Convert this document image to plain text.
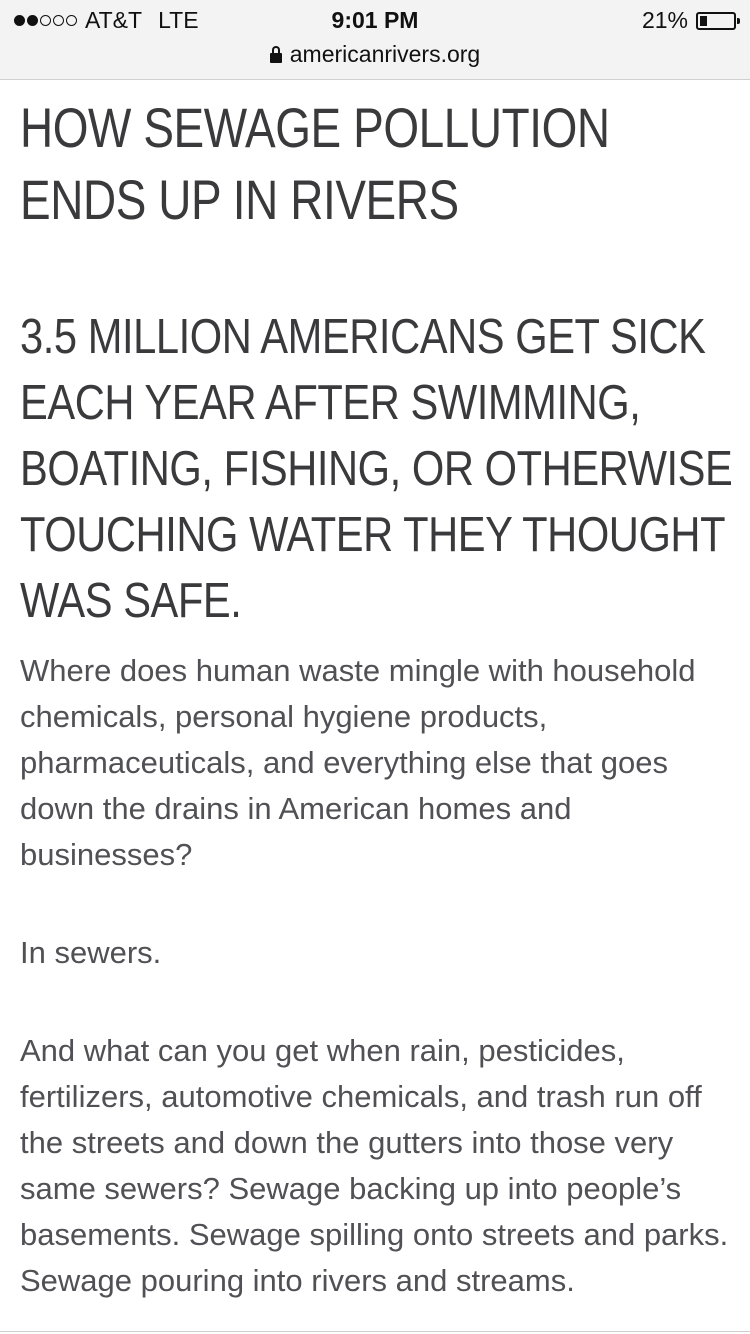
AT&T LTE	9:01 PM	21%
americanrivers.org
HOW SEWAGE POLLUTION ENDS UP IN RIVERS
3.5 MILLION AMERICANS GET SICK EACH YEAR AFTER SWIMMING, BOATING, FISHING, OR OTHERWISE TOUCHING WATER THEY THOUGHT WAS SAFE.

Where does human waste mingle with household chemicals, personal hygiene products, pharmaceuticals, and everything else that goes down the drains in American homes and businesses?

In sewers.

And what can you get when rain, pesticides, fertilizers, automotive chemicals, and trash run off the streets and down the gutters into those very same sewers? Sewage backing up into people’s basements. Sewage spilling onto streets and parks. Sewage pouring into rivers and streams.
